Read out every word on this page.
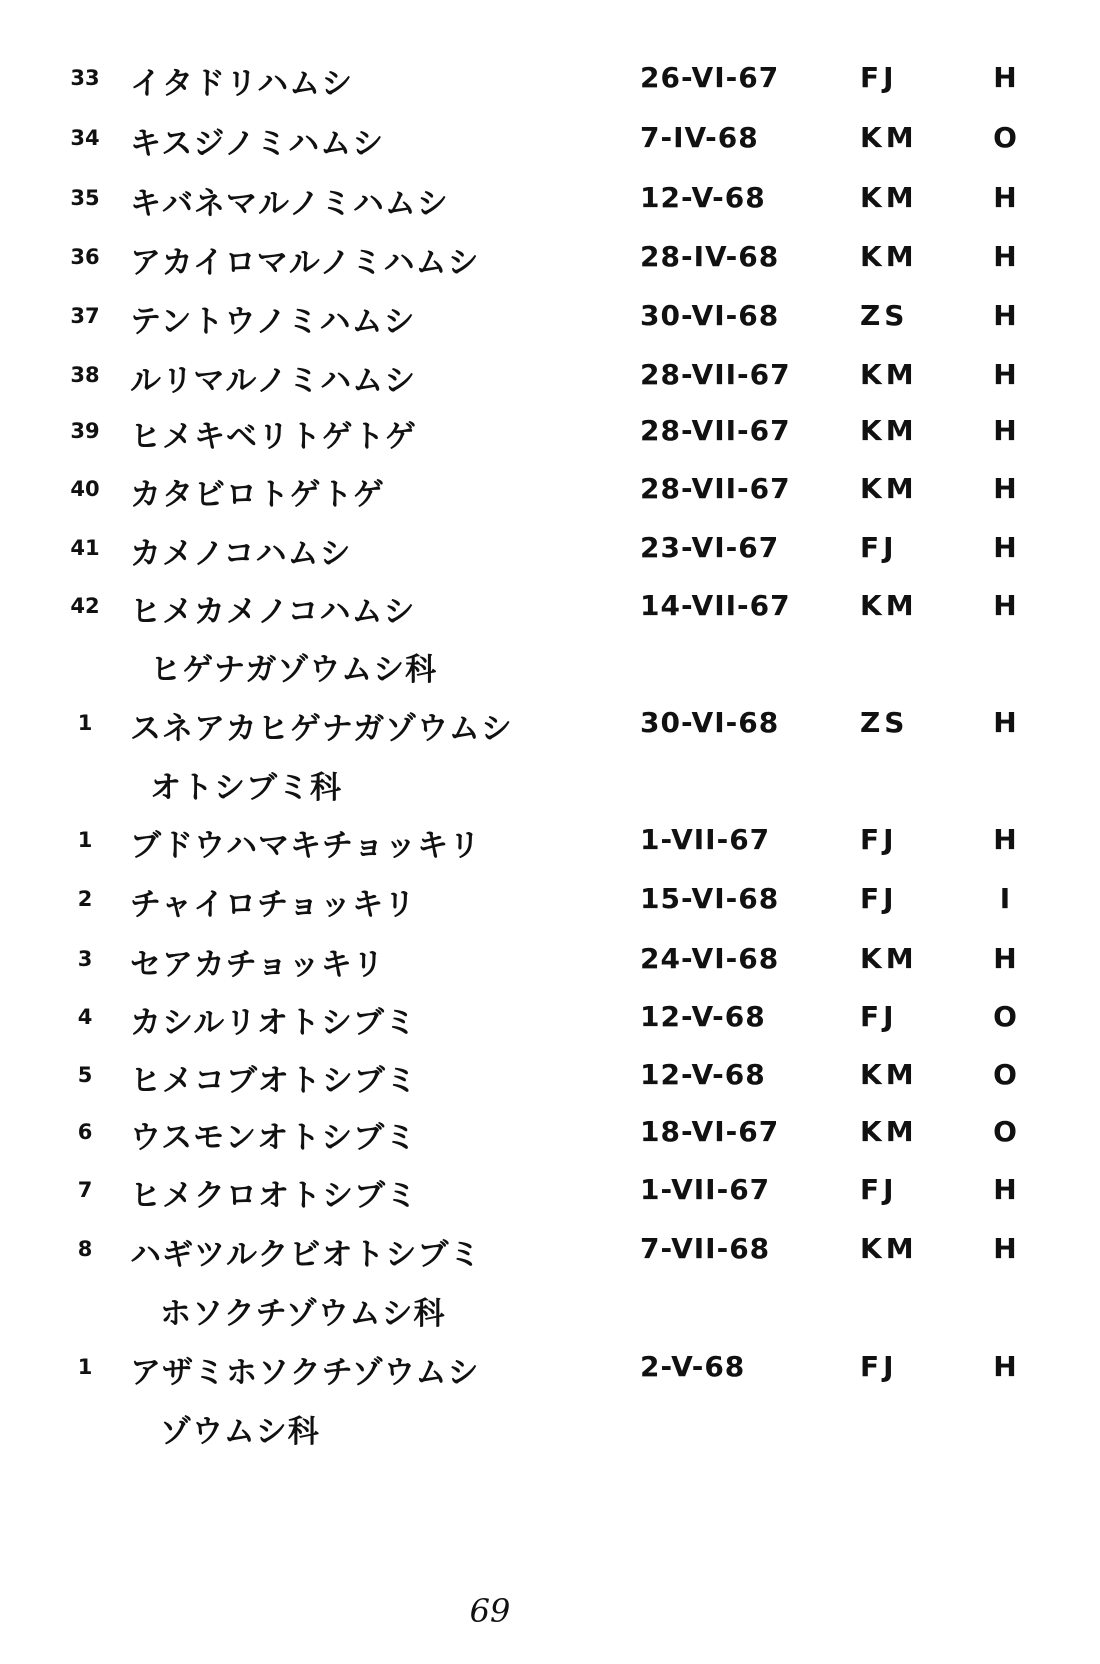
33 イタドリハムシ	26-VI-67	FJ	H
34 キスジノミハムシ	7-IV-68	KM	O
35 キバネマルノミハムシ	12-V-68	KM	H
36 アカイロマルノミハムシ	28-IV-68	KM	H
37 テントウノミハムシ	30-VI-68	ZS	H
38 ルリマルノミハムシ	28-VII-67 KM	H
39 ヒメキベリトゲトゲ	28-VII-67 KM	H
40 カタビロトゲトゲ	28-VII-67 KM	H
41 カメノコハムシ	23-VI-67	FJ	H
42 ヒメカメノコハムシ	14-VII-67 KM	H
ヒゲナガゾウムシ科
1	スネアカヒゲナガゾウムシ	30-VI-68	ZS	H
オトシブミ科
1	ブドウハマキチョッキリ	1-VII-67	FJ	H
2	チャイロチョッキリ	15-VI-68	FJ	I
3	セアカチョッキリ	24-VI-68	KM	H
4	カシルリオトシブミ	12-V-68	FJ	O
5	ヒメコブオトシブミ	12-V-68	KM	O
6	ウスモンオトシブミ	18-VI-67	KM	O
7	ヒメクロオトシブミ	1-VII-67	FJ	H
8	ハギツルクビオトシブミ	7-VII-68	KM	H
ホソクチゾウムシ科
1	アザミホソクチゾウムシ	2-V-68	FJ	H
ゾウムシ科
69
